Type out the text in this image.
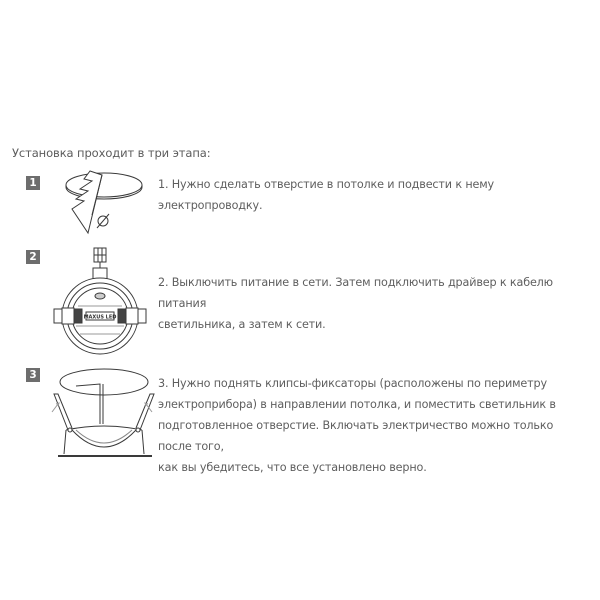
Установка проходит в три этапа:
1	1. Нужно сделать отверстие в потолке и подвести к нему электропроводку.

2
MAXUS LED

2. Выключить питание в сети. Затем подключить драйвер к кабелю питания

светильника, а затем к сети.

3

3. Нужно поднять клипсы-фиксаторы (расположены по периметру

электроприбора) в направлении потолка, и поместить светильник в

подготовленное отверстие. Включать электричество можно только после того,

как вы убедитесь, что все установлено верно.
